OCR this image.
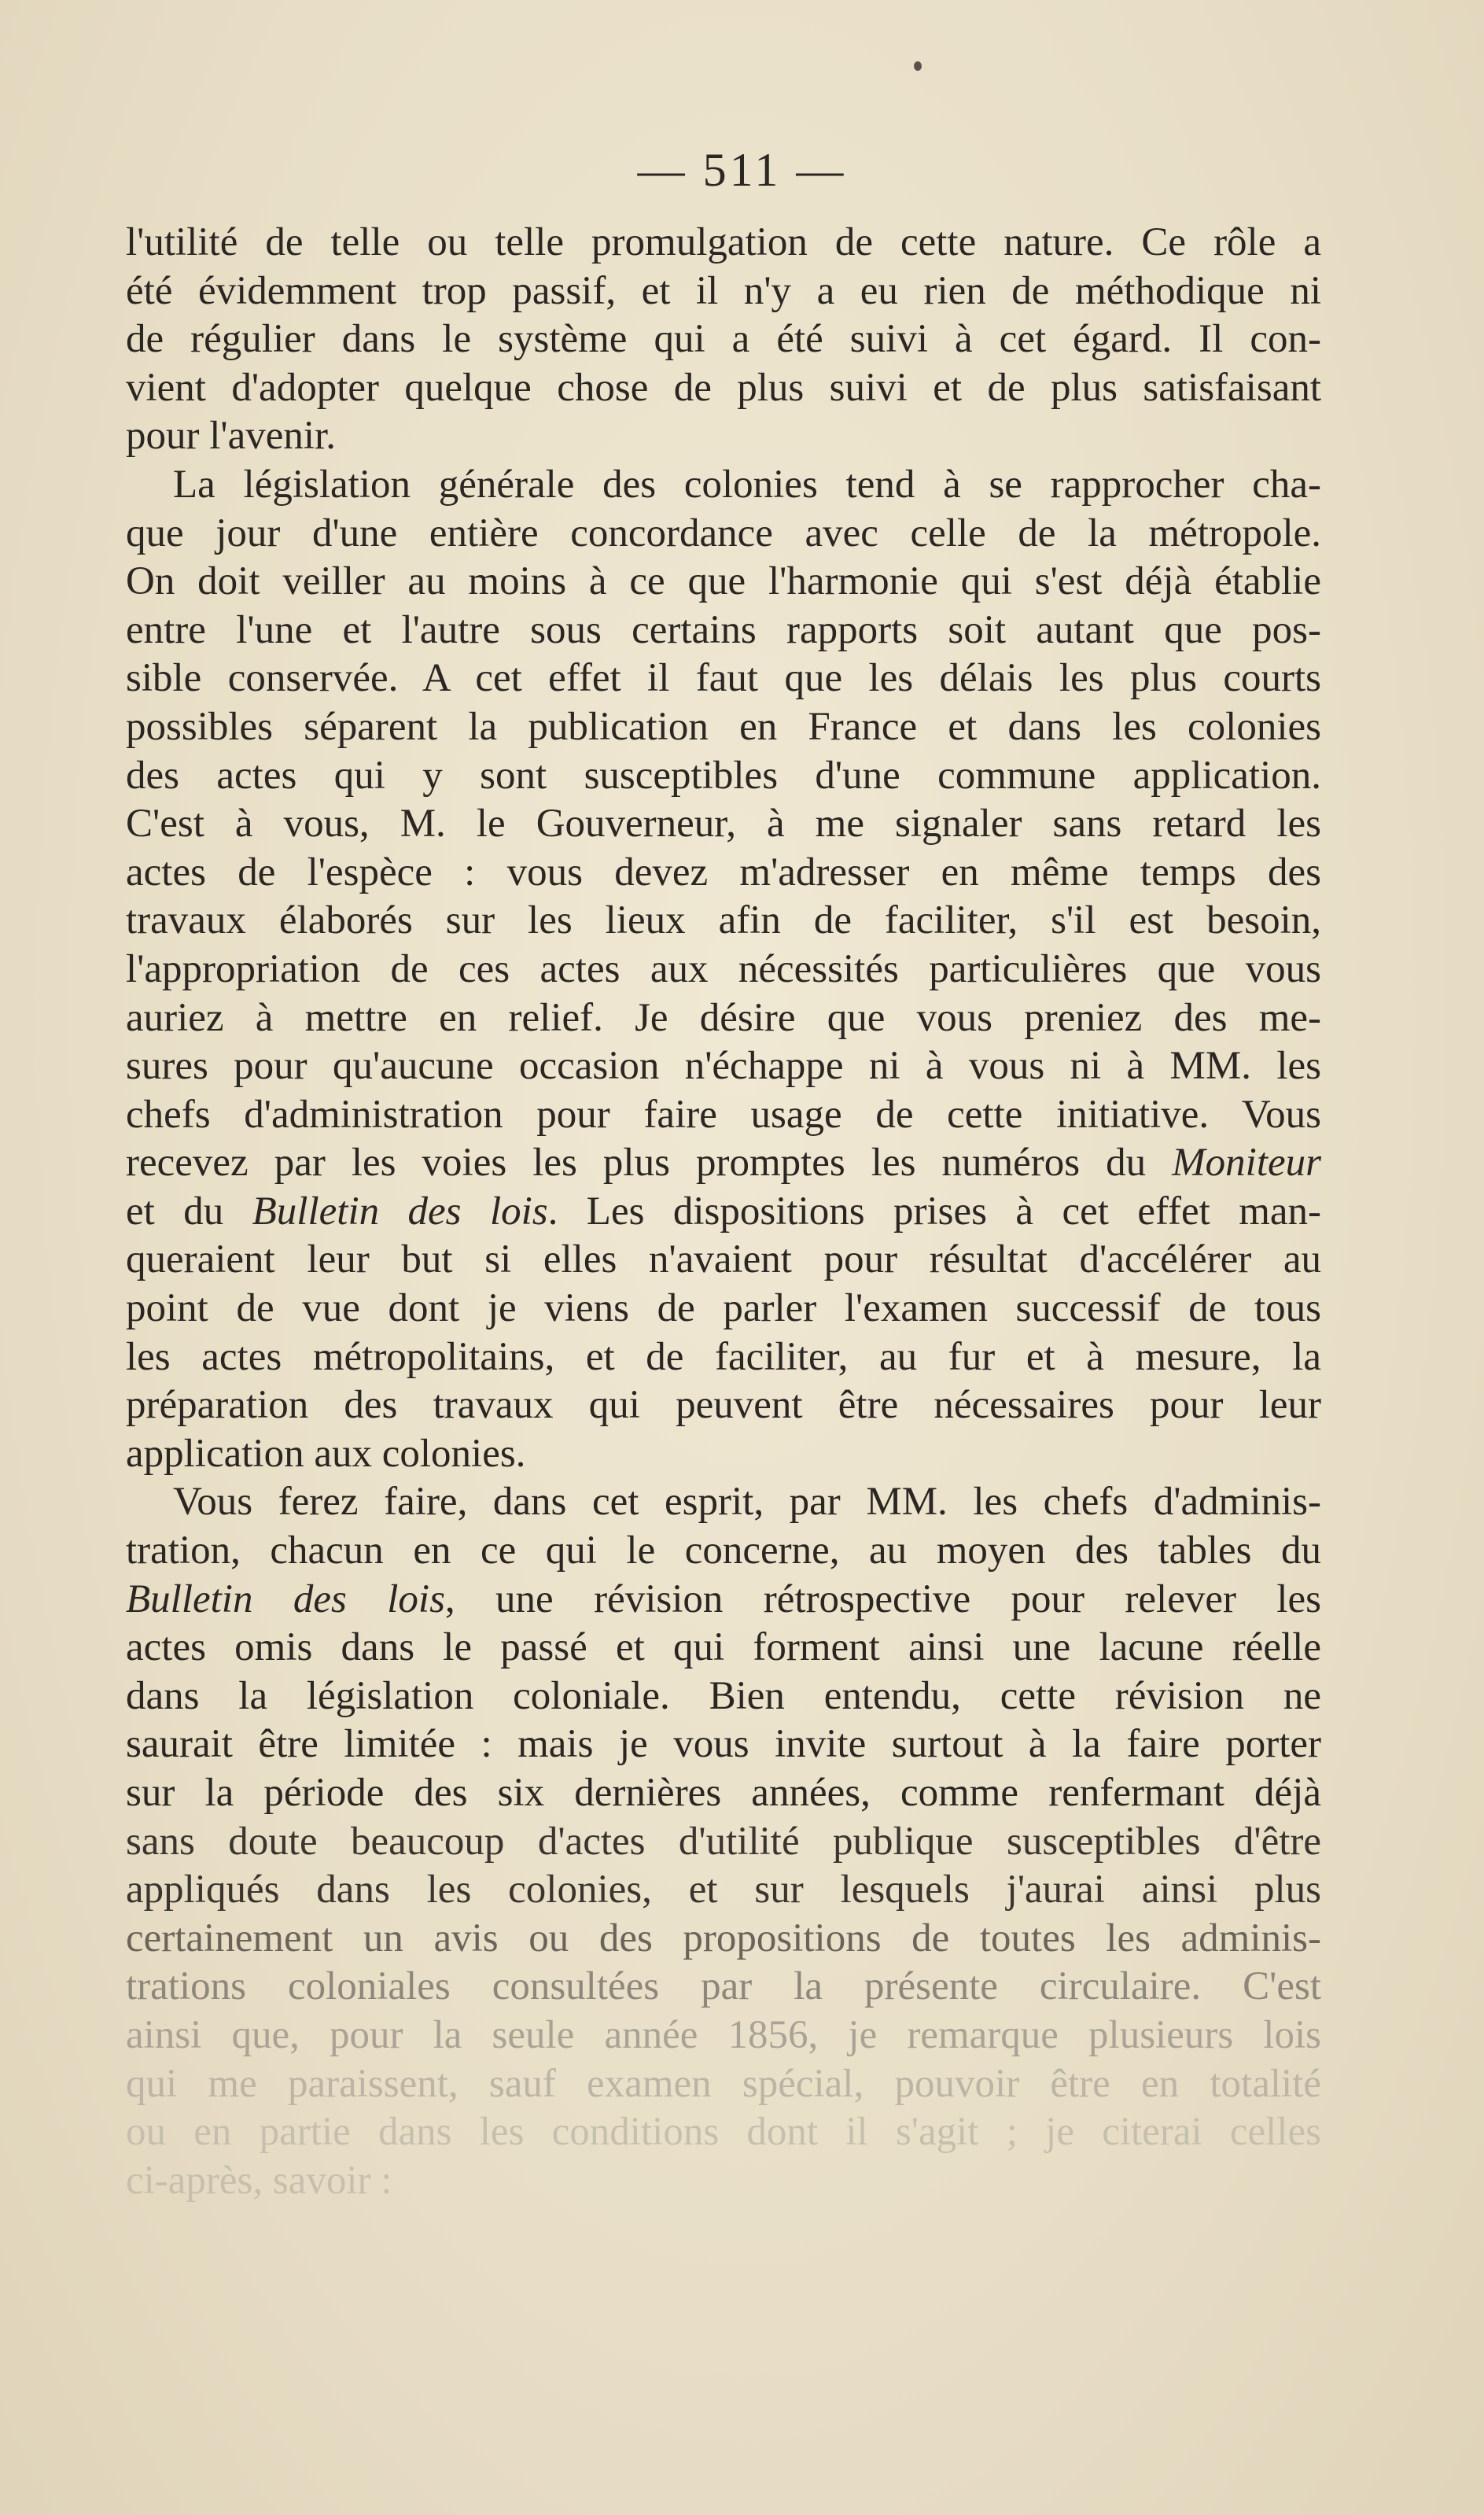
— 511 —
l'utilité de telle ou telle promulgation de cette nature. Ce rôle a
été évidemment trop passif, et il n'y a eu rien de méthodique ni
de régulier dans le système qui a été suivi à cet égard. Il con-
vient d'adopter quelque chose de plus suivi et de plus satisfaisant
pour l'avenir.
La législation générale des colonies tend à se rapprocher cha-
que jour d'une entière concordance avec celle de la métropole.
On doit veiller au moins à ce que l'harmonie qui s'est déjà établie
entre l'une et l'autre sous certains rapports soit autant que pos-
sible conservée. A cet effet il faut que les délais les plus courts
possibles séparent la publication en France et dans les colonies
des actes qui y sont susceptibles d'une commune application.
C'est à vous, M. le Gouverneur, à me signaler sans retard les
actes de l'espèce : vous devez m'adresser en même temps des
travaux élaborés sur les lieux afin de faciliter, s'il est besoin,
l'appropriation de ces actes aux nécessités particulières que vous
auriez à mettre en relief. Je désire que vous preniez des me-
sures pour qu'aucune occasion n'échappe ni à vous ni à MM. les
chefs d'administration pour faire usage de cette initiative. Vous
recevez par les voies les plus promptes les numéros du Moniteur
et du Bulletin des lois. Les dispositions prises à cet effet man-
queraient leur but si elles n'avaient pour résultat d'accélérer au
point de vue dont je viens de parler l'examen successif de tous
les actes métropolitains, et de faciliter, au fur et à mesure, la
préparation des travaux qui peuvent être nécessaires pour leur
application aux colonies.
Vous ferez faire, dans cet esprit, par MM. les chefs d'adminis-
tration, chacun en ce qui le concerne, au moyen des tables du
Bulletin des lois, une révision rétrospective pour relever les
actes omis dans le passé et qui forment ainsi une lacune réelle
dans la législation coloniale. Bien entendu, cette révision ne
saurait être limitée : mais je vous invite surtout à la faire porter
sur la période des six dernières années, comme renfermant déjà
sans doute beaucoup d'actes d'utilité publique susceptibles d'être
appliqués dans les colonies, et sur lesquels j'aurai ainsi plus
certainement un avis ou des propositions de toutes les adminis-
trations coloniales consultées par la présente circulaire. C'est
ainsi que, pour la seule année 1856, je remarque plusieurs lois
qui me paraissent, sauf examen spécial, pouvoir être en totalité
ou en partie dans les conditions dont il s'agit ; je citerai celles
ci-après, savoir :
